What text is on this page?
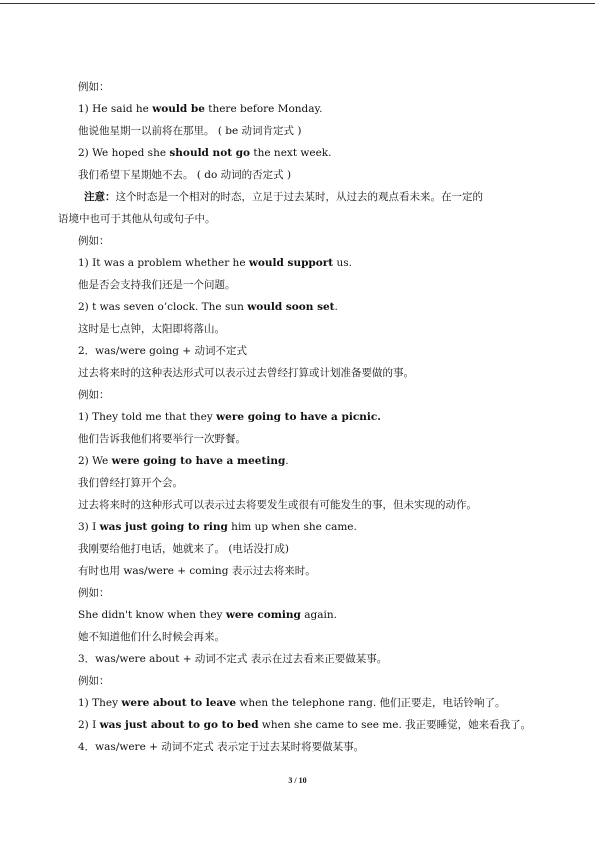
例如：
1) He said he would be there before Monday.
他说他星期一以前将在那里。 ( be 动词肯定式 )
2) We hoped she should not go the next week.
我们希望下星期她不去。 ( do 动词的否定式 )
注意：这个时态是一个相对的时态，立足于过去某时，从过去的观点看未来。在一定的
语境中也可于其他从句或句子中。
例如：
1) It was a problem whether he would support us.
他是否会支持我们还是一个问题。
2) t was seven o’clock. The sun would soon set.
这时是七点钟，太阳即将落山。
2．was/were going + 动词不定式
过去将来时的这种表达形式可以表示过去曾经打算或计划准备要做的事。
例如：
1) They told me that they were going to have a picnic.
他们告诉我他们将要举行一次野餐。
2) We were going to have a meeting.
我们曾经打算开个会。
过去将来时的这种形式可以表示过去将要发生或很有可能发生的事，但未实现的动作。
3) I was just going to ring him up when she came.
我刚要给他打电话，她就来了。 (电话没打成)
有时也用 was/were + coming 表示过去将来时。
例如：
She didn't know when they were coming again.
她不知道他们什么时候会再来。
3．was/were about + 动词不定式 表示在过去看来正要做某事。
例如：
1) They were about to leave when the telephone rang. 他们正要走，电话铃响了。
2) I was just about to go to bed when she came to see me. 我正要睡觉，她来看我了。
4．was/were + 动词不定式 表示定于过去某时将要做某事。
3 / 10
